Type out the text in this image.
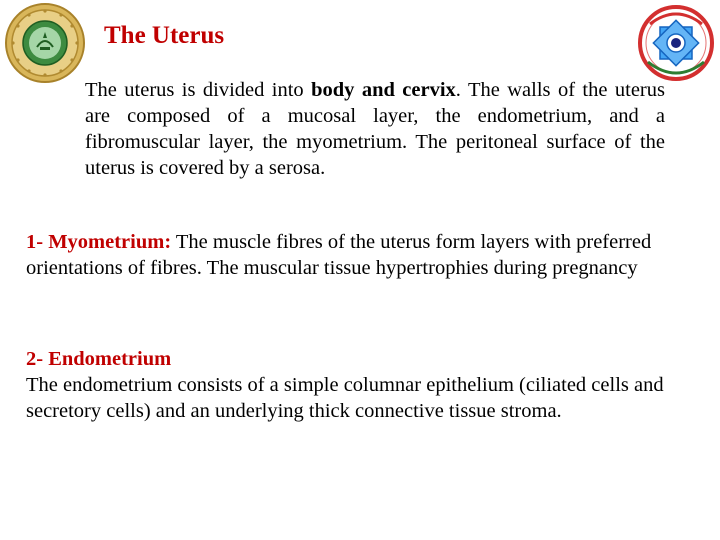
The Uterus
The uterus is divided into body and cervix. The walls of the uterus are composed of a mucosal layer, the endometrium, and a fibromuscular layer, the myometrium. The peritoneal surface of the uterus is covered by a serosa.
1- Myometrium: The muscle fibres of the uterus form layers with preferred orientations of fibres. The muscular tissue hypertrophies during pregnancy
2- Endometrium
The endometrium consists of a simple columnar epithelium (ciliated cells and secretory cells) and an underlying thick connective tissue stroma.
